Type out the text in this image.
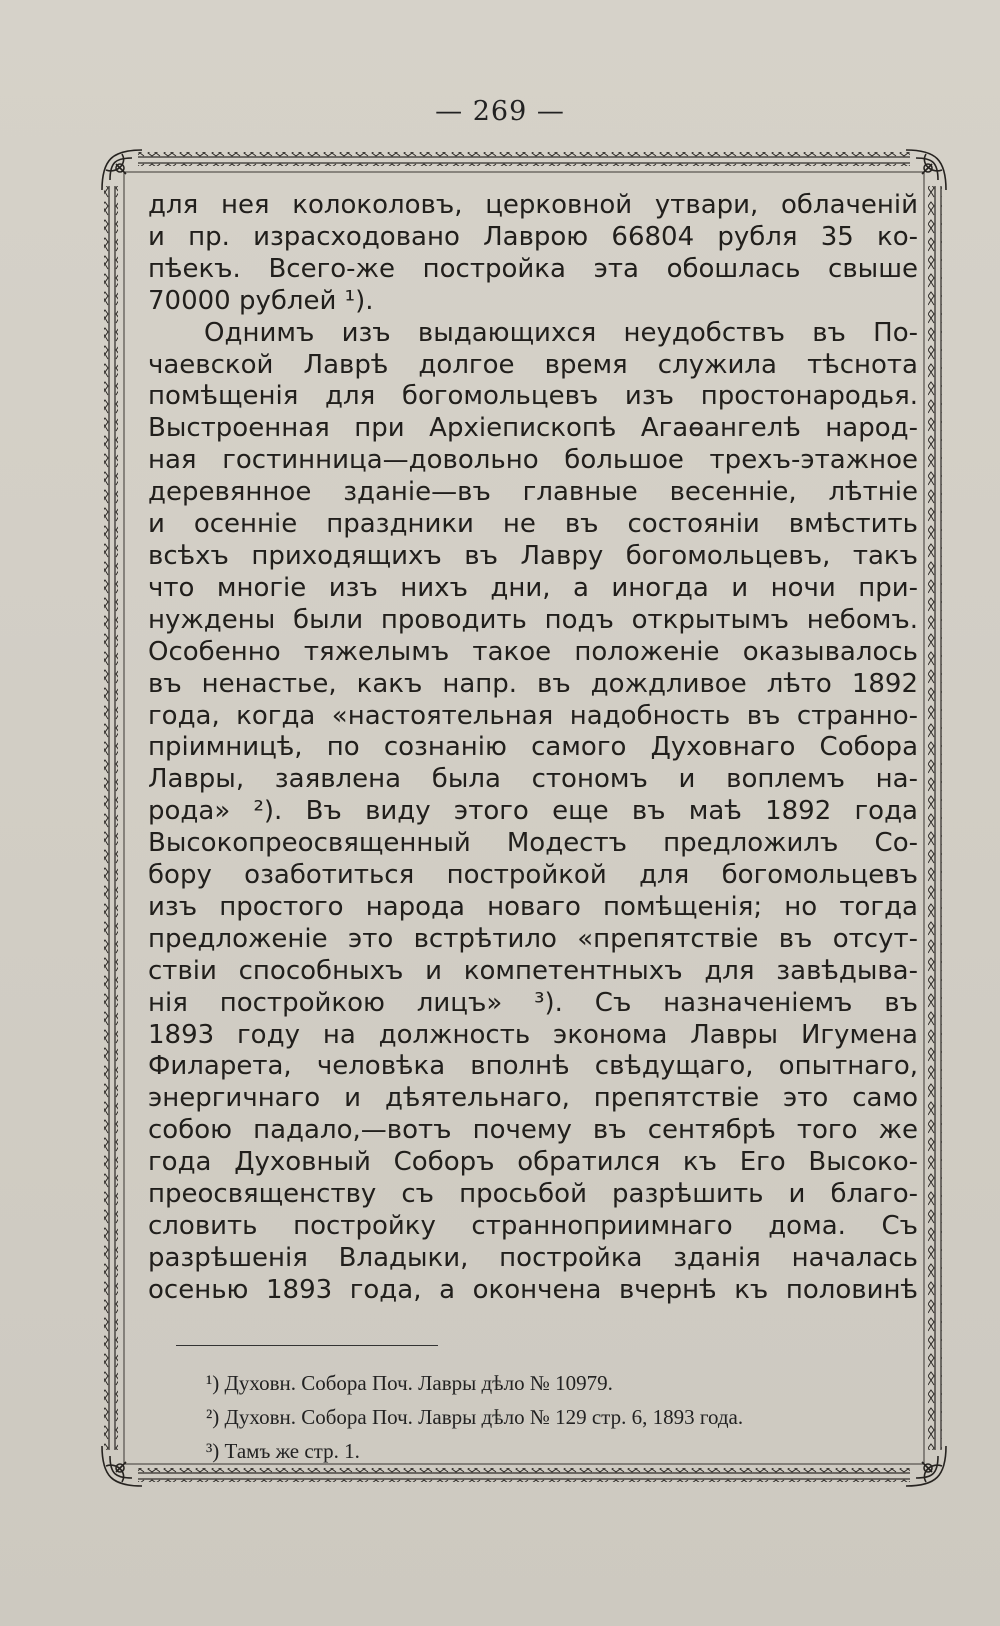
— 269 —
для нея колоколовъ, церковной утвари, облаченій
и пр. израсходовано Лаврою 66804 рубля 35 ко-
пѣекъ. Всего-же постройка эта обошлась свыше
70000 рублей ¹).
Однимъ изъ выдающихся неудобствъ въ По-
чаевской Лаврѣ долгое время служила тѣснота
помѣщенія для богомольцевъ изъ простонародья.
Выстроенная при Архіепископѣ Агаѳангелѣ народ-
ная гостинница—довольно большое трехъ-этажное
деревянное зданіе—въ главные весенніе, лѣтніе
и осенніе праздники не въ состояніи вмѣстить
всѣхъ приходящихъ въ Лавру богомольцевъ, такъ
что многіе изъ нихъ дни, а иногда и ночи при-
нуждены были проводить подъ открытымъ небомъ.
Особенно тяжелымъ такое положеніе оказывалось
въ ненастье, какъ напр. въ дождливое лѣто 1892
года, когда «настоятельная надобность въ странно-
пріимницѣ, по сознанію самого Духовнаго Собора
Лавры, заявлена была стономъ и воплемъ на-
рода» ²). Въ виду этого еще въ маѣ 1892 года
Высокопреосвященный Модестъ предложилъ Со-
бору озаботиться постройкой для богомольцевъ
изъ простого народа новаго помѣщенія; но тогда
предложеніе это встрѣтило «препятствіе въ отсут-
ствіи способныхъ и компетентныхъ для завѣдыва-
нія постройкою лицъ» ³). Съ назначеніемъ въ
1893 году на должность эконома Лавры Игумена
Филарета, человѣка вполнѣ свѣдущаго, опытнаго,
энергичнаго и дѣятельнаго, препятствіе это само
собою падало,—вотъ почему въ сентябрѣ того же
года Духовный Соборъ обратился къ Его Высоко-
преосвященству съ просьбой разрѣшить и благо-
словить постройку странноприимнаго дома. Съ
разрѣшенія Владыки, постройка зданія началась
осенью 1893 года, а окончена вчернѣ къ половинѣ
¹) Духовн. Собора Поч. Лавры дѣло № 10979.
²) Духовн. Собора Поч. Лавры дѣло № 129 стр. 6, 1893 года.
³) Тамъ же стр. 1.
